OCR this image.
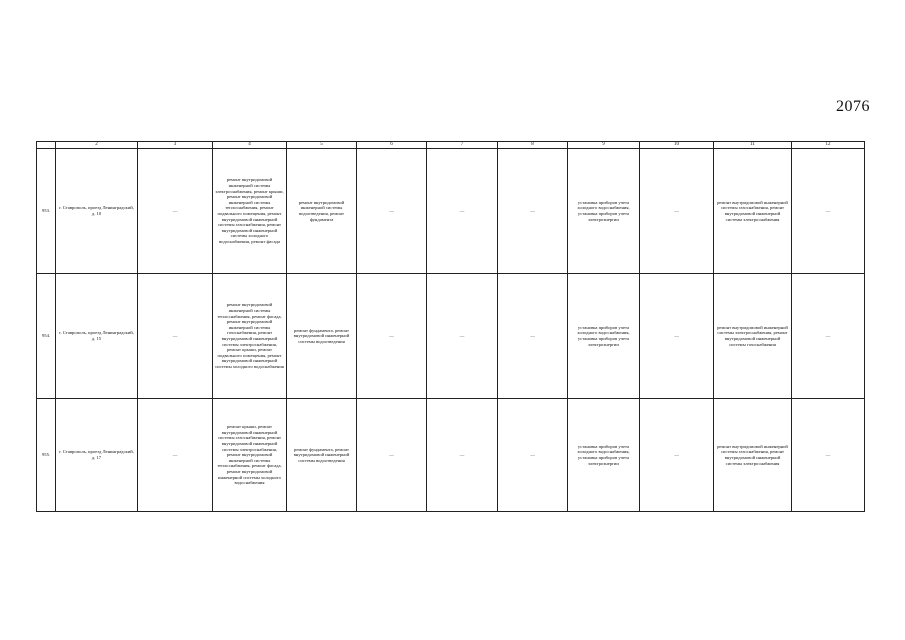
2076
	2	3	4	5	6	7	8	9	10	11	12
953.	г. Ставрополь, проезд Ленинградский, д. 10	—	ремонт внутридомовой инженерной системы электроснабжения, ремонт крыши, ремонт внутридомовой инженерной системы теплоснабжения, ремонт подвального помещения, ремонт внутридомовой инженерной системы газоснабжения, ремонт внутридомовой инженерной системы холодного водоснабжения, ремонт фасада	ремонт внутридомовой инженерной системы водоотведения, ремонт фундамента	—	—	—	установка приборов учета холодного водоснабжения, установка приборов учета электроэнергии	—	ремонт внутридомовой инженерной системы газоснабжения, ремонт внутридомовой инженерной системы электроснабжения	—
954.	г. Ставрополь, проезд Ленинградский, д. 15	—	ремонт внутридомовой инженерной системы теплоснабжения, ремонт фасада, ремонт внутридомовой инженерной системы газоснабжения, ремонт внутридомовой инженерной системы электроснабжения, ремонт крыши, ремонт подвального помещения, ремонт внутридомовой инженерной системы холодного водоснабжения	ремонт фундамента, ремонт внутридомовой инженерной системы водоотведения	—	—	—	установка приборов учета холодного водоснабжения, установка приборов учета электроэнергии	—	ремонт внутридомовой инженерной системы электроснабжения, ремонт внутридомовой инженерной системы газоснабжения	—
955.	г. Ставрополь, проезд Ленинградский, д. 17	—	ремонт крыши, ремонт внутридомовой инженерной системы газоснабжения, ремонт внутридомовой инженерной системы электроснабжения, ремонт внутридомовой инженерной системы теплоснабжения, ремонт фасада, ремонт внутридомовой инженерной системы холодного водоснабжения	ремонт фундамента, ремонт внутридомовой инженерной системы водоотведения	—	—	—	установка приборов учета холодного водоснабжения, установка приборов учета электроэнергии	—	ремонт внутридомовой инженерной системы газоснабжения, ремонт внутридомовой инженерной системы электроснабжения	—
